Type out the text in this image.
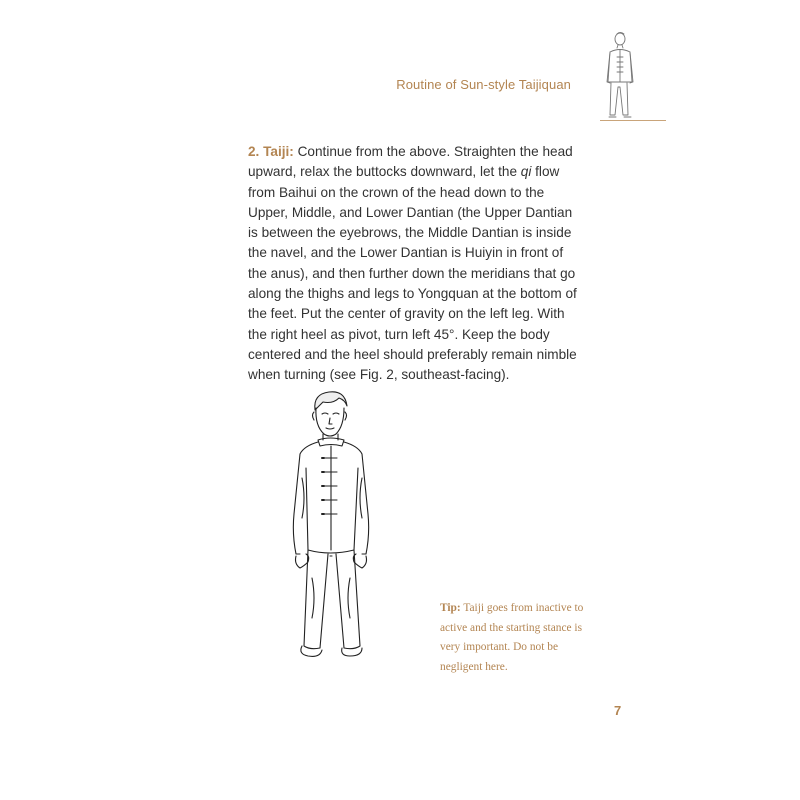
Routine of Sun-style Taijiquan

2. Taiji: Continue from the above. Straighten the head upward, relax the buttocks downward, let the qi flow from Baihui on the crown of the head down to the Upper, Middle, and Lower Dantian (the Upper Dantian is between the eyebrows, the Middle Dantian is inside the navel, and the Lower Dantian is Huiyin in front of the anus), and then further down the meridians that go along the thighs and legs to Yongquan at the bottom of the feet. Put the center of gravity on the left leg. With the right heel as pivot, turn left 45°. Keep the body centered and the heel should preferably remain nimble when turning (see Fig. 2, southeast-facing).

Tip: Taiji goes from inactive to active and the starting stance is very important. Do not be negligent here.
7
